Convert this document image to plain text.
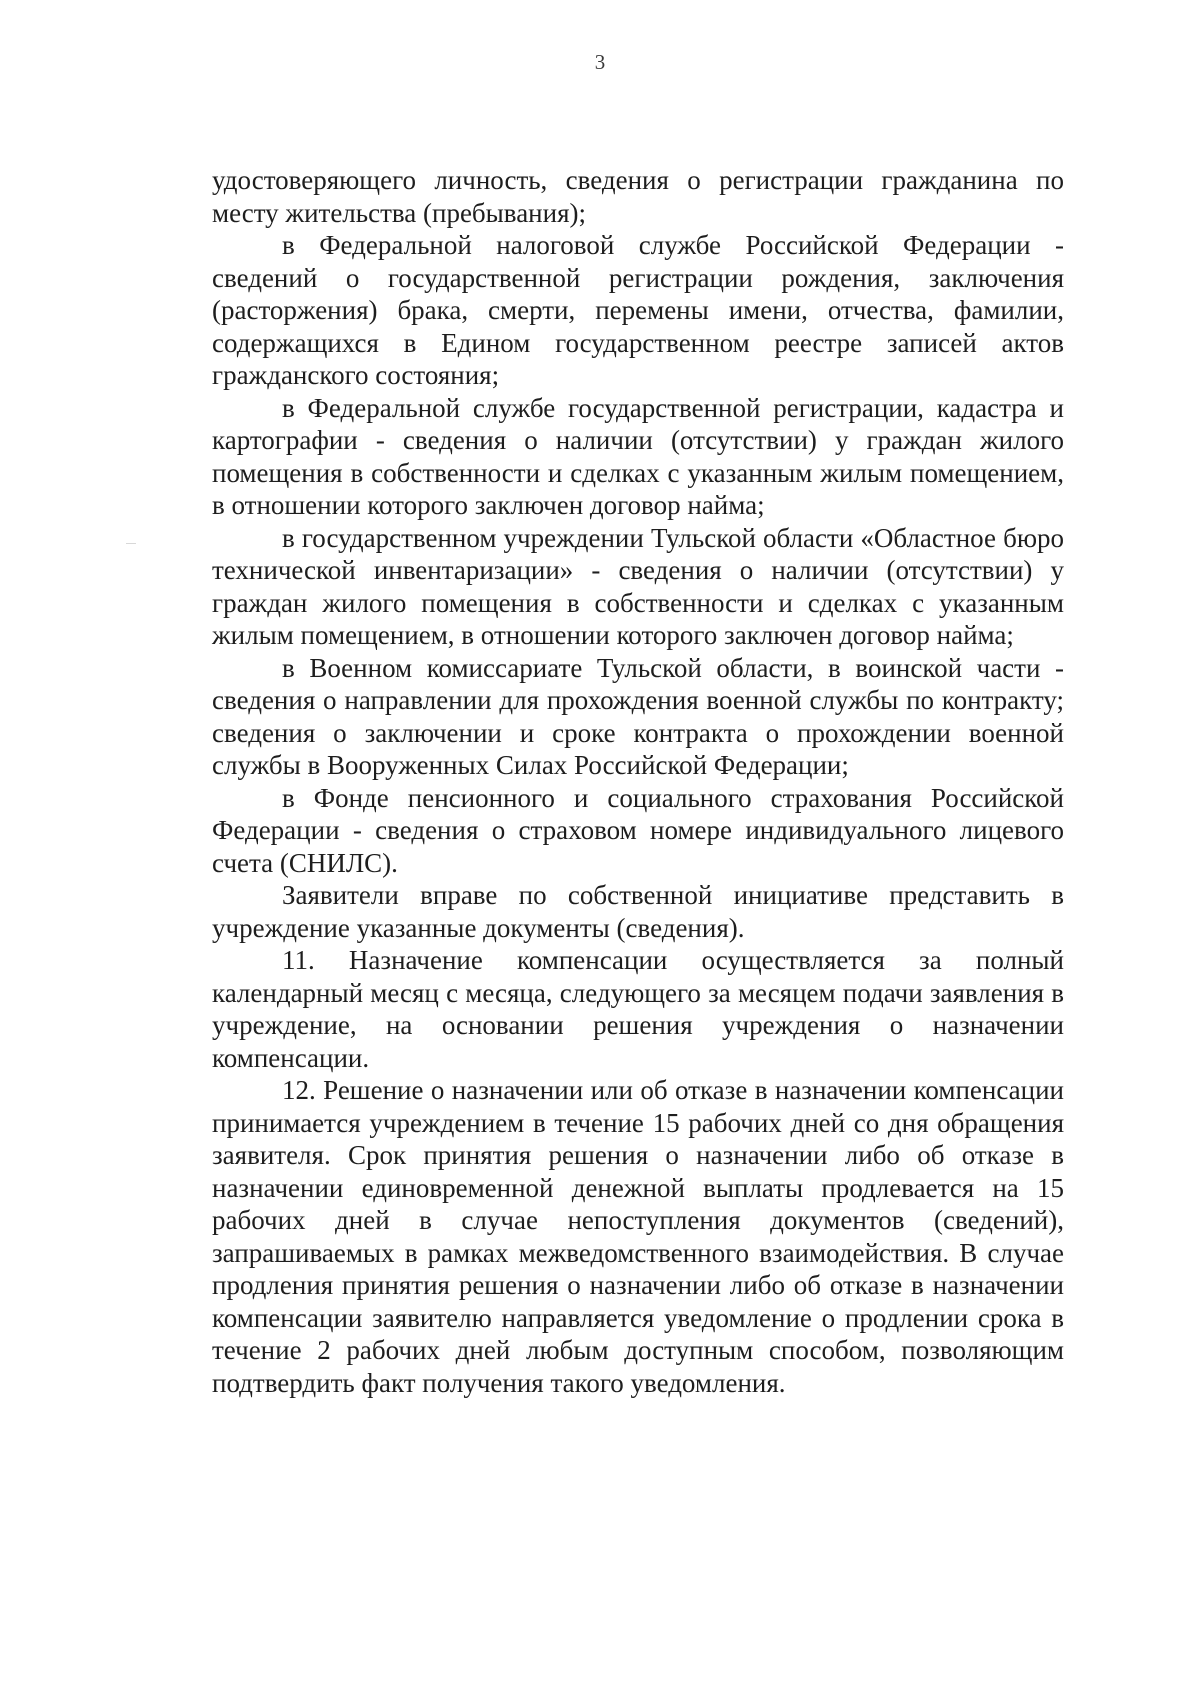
3

удостоверяющего личность, сведения о регистрации гражданина по месту жительства (пребывания);

в Федеральной налоговой службе Российской Федерации - сведений о государственной регистрации рождения, заключения (расторжения) брака, смерти, перемены имени, отчества, фамилии, содержащихся в Едином государственном реестре записей актов гражданского состояния;

в Федеральной службе государственной регистрации, кадастра и картографии - сведения о наличии (отсутствии) у граждан жилого помещения в собственности и сделках с указанным жилым помещением, в отношении которого заключен договор найма;

в государственном учреждении Тульской области «Областное бюро технической инвентаризации» - сведения о наличии (отсутствии) у граждан жилого помещения в собственности и сделках с указанным жилым помещением, в отношении которого заключен договор найма;

в Военном комиссариате Тульской области, в воинской части - сведения о направлении для прохождения военной службы по контракту; сведения о заключении и сроке контракта о прохождении военной службы в Вооруженных Силах Российской Федерации;

в Фонде пенсионного и социального страхования Российской Федерации - сведения о страховом номере индивидуального лицевого счета (СНИЛС).

Заявители вправе по собственной инициативе представить в учреждение указанные документы (сведения).

11. Назначение компенсации осуществляется за полный календарный месяц с месяца, следующего за месяцем подачи заявления в учреждение, на основании решения учреждения о назначении компенсации.

12. Решение о назначении или об отказе в назначении компенсации принимается учреждением в течение 15 рабочих дней со дня обращения заявителя. Срок принятия решения о назначении либо об отказе в назначении единовременной денежной выплаты продлевается на 15 рабочих дней в случае непоступления документов (сведений), запрашиваемых в рамках межведомственного взаимодействия. В случае продления принятия решения о назначении либо об отказе в назначении компенсации заявителю направляется уведомление о продлении срока в течение 2 рабочих дней любым доступным способом, позволяющим подтвердить факт получения такого уведомления.
